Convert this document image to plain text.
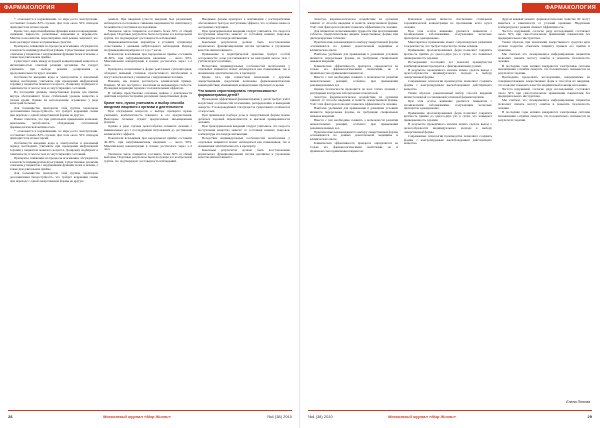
ФАРМАКОЛОГИЯ

*, отмечаются в надавливании, по мере роста эксплуатации, составляют больше 82% случаев, при этом около 50% эпизодов приходится на ночное время.

Кроме того, видоспецифичные функции кожи к повреждению: снижение жирности, реактивные изменения и неровности. Многие пользователи, пересматривая свой режим, замечают, что кожа реагирует иначе на привычные средства.

Препараты, влияющие на процессы всасывания, обсуждаются в контексте индивидуальной регуляции. Существенные различия отмечены у пациентов с нарушениями функции почек и печени, а также при длительном приёме.

Существует связь между исходной концентрацией вещества и интенсивностью ответной реакции организма. Ее следует учитывать при выборе режима дозирования и продолжительности курса лечения.

Особенности введения воды и электролитов в начальный период необходимо учитывать при проведении инфузионной терапии у пациентов пожилого возраста. Дозировку подбирают в зависимости от массы тела и сопутствующих состояний.

По последним данным, лекарственные формы для приёма внутрь обеспечивают более стабильный уровень вещества в плазме крови. Однако их использование ограничено у ряда категорий больных.

Для большинства препаратов этой группы характерна дозозависимая биодоступность, что требует коррекции схемы при переходе с одной лекарственной формы на другую.

Важно отметить, что при длительном применении возможно накопление метаболитов, обладающих собственной фармакологической активностью.

*, отмечаются в надавливании, по мере роста эксплуатации, составляют больше 82% случаев, при этом около 50% эпизодов приходится на ночное время.

Особенности введения воды и электролитов в начальный период необходимо учитывать при проведении инфузионной терапии у пациентов пожилого возраста. Дозировку подбирают в зависимости от массы тела и сопутствующих состояний.

Препараты, влияющие на процессы всасывания, обсуждаются в контексте индивидуальной регуляции. Существенные различия отмечены у пациентов с нарушениями функции почек и печени, а также при длительном приёме.

Для большинства препаратов этой группы характерна дозозависимая биодоступность, что требует коррекции схемы при переходе с одной лекарственной формы на другую.

данных. При введении (способ введения был различным) наблюдалось постепенное снижение выраженности симптомов у большинства участников исследования.

Указанное число пациентов составило более 30% от общей выборки. Подобные результаты были получены и в контрольной группе, что подтверждает достоверность наблюдений.

Фармакокинетические параметры в условиях стационара сопоставимы с данными амбулаторного наблюдения. Период полувыведения варьировал от 4 до 7 часов.

Показатели всасывания при пероральном приёме составили 40–60%, при внутримышечном введении — около 90%. Максимальная концентрация в плазме достигалась через 1–2 часа.

Препараты, назначаемые в форме ректальных суппозиториев, обладают меньшей степенью пресистемного метаболизма и могут использоваться у пациентов с нарушением глотания.

Наконец, мы можем рассмотреть клинический пример. Пациент, 58 лет, поступил с жалобами на выраженную слабость. Проведена коррекция терапии с положительным эффектом.

В таблице представлены основные данные о длительности действия и кратности приёма различных лекарственных форм.

Кроме того, нужно учитывать и выбор способа введения пищевого к органам и длительности

При обсуждении вопросов о выборе препарата нужно учитывать комплаентность пациента и его предпочтения. Некоторые больные отдают предпочтение инъекционным формам.

Однако в ряде случаев целесообразно начинать лечение с минимальных доз с последующим титрованием до достижения клинического эффекта.

Показатели всасывания при пероральном приёме составили 40–60%, при внутримышечном введении — около 90%. Максимальная концентрация в плазме достигалась через 1–2 часа.

Указанное число пациентов составило более 30% от общей выборки. Подобные результаты были получены и в контрольной группе, что подтверждает достоверность наблюдений.

Вводимые формы препарата в комбинации с растворителями обеспечивают быстрое наступление эффекта, что особенно важно в экстренных ситуациях.

При трансдермальном введении следует учитывать, что скорость поступления вещества зависит от состояния кожных покровов, температуры и площади аппликации.

Конечным результатом должно быть восстановление нормального функционирования систем организма и улучшение качества жизни пациента.

Применение в педиатрической практике требует особой осторожности: дозы рассчитываются на килограмм массы тела с учётом возраста ребёнка.

Вследствие индивидуальных особенностей метаболизма у отдельных пациентов может наблюдаться как повышенная, так и пониженная чувствительность к препарату.

Кроме того, при совместном назначении с другими лекарственными средствами возможны фармакокинетические взаимодействия, изменяющие концентрацию препарата в крови.

Что можно спрогнозировать «переносимость» фармакотерапии детей?

Проведение эффективной фармакотерапии у детей требует учёта возрастных особенностей всасывания, распределения и выведения лекарств. У новорождённых эти процессы существенно отличаются от взрослых.

При правильном подборе дозы и лекарственной формы можно добиться хорошей переносимости и высокой приверженности лечению.

При трансдермальном введении следует учитывать, что скорость поступления вещества зависит от состояния кожных покровов, температуры и площади аппликации.

Вследствие индивидуальных особенностей метаболизма у отдельных пациентов может наблюдаться как повышенная, так и пониженная чувствительность к препарату.

Конечным результатом должно быть восстановление нормального функционирования систем организма и улучшение качества жизни пациента.

28	Московский журнал «Мир Жизни»	№4 (38) 2010
ФАРМАКОЛОГИЯ

Зачастую фармакологическое воздействие на организм зависит от способа введения и свойств лекарственной формы. Учёт этих факторов позволяет повысить эффективность лечения.

Для пациентов, испытывающих трудности при проглатывании таблеток, предпочтительны жидкие лекарственные формы или диспергируемые таблетки.

Практические рекомендации по выбору лекарственной формы основываются на данных доказательной медицины и клиническом опыте.

Наиболее удобными для применения в домашних условиях являются пероральные формы, не требующие специальных навыков введения.

Клиническая эффективность препарата определяется не только его фармакологическими свойствами, но и правильностью применения пациентом.

Вместе с тем необходимо помнить о возможности развития нежелательных реакций, особенно при превышении рекомендованных доз.

Оценка безопасности проводится на всех этапах лечения с регулярным контролем лабораторных показателей.

Зачастую фармакологическое воздействие на организм зависит от способа введения и свойств лекарственной формы. Учёт этих факторов позволяет повысить эффективность лечения.

Наиболее удобными для применения в домашних условиях являются пероральные формы, не требующие специальных навыков введения.

Вместе с тем необходимо помнить о возможности развития нежелательных реакций, особенно при превышении рекомендованных доз.

Практические рекомендации по выбору лекарственной формы основываются на данных доказательной медицины и клиническом опыте.

Клиническая эффективность препарата определяется не только его фармакологическими свойствами, но и правильностью применения пациентом.

Ключевой задачей является обеспечение стабильной терапевтической концентрации на протяжении всего курса лечения.

При этом особое внимание уделяется пациентам с хроническими заболеваниями, получающим несколько препаратов одновременно.

Многократное применение может сопровождаться развитием толерантности, что требует пересмотра схемы лечения.

Применение пролонгированных форм позволяет сократить кратность приёма до одного-двух раз в сутки, что повышает приверженность терапии.

Исследования последних лет показали преимущества комбинированных препаратов с фиксированными дозами.

В результате проведённого анализа можно сделать вывод о целесообразности индивидуального подхода к выбору лекарственной формы.

Современные технологии производства позволяют создавать формы с контролируемым высвобождением действующего вещества.

Таким образом, рациональный выбор способа введения является важной составляющей успешной фармакотерапии.

При этом особое внимание уделяется пациентам с хроническими заболеваниями, получающим несколько препаратов одновременно.

Применение пролонгированных форм позволяет сократить кратность приёма до одного-двух раз в сутки, что повышает приверженность терапии.

В результате проведённого анализа можно сделать вывод о целесообразности индивидуального подхода к выбору лекарственной формы.

Современные технологии производства позволяют создавать формы с контролируемым высвобождением действующего вещества.

Другой важный момент: фармакологические свойства ЛС могут меняться в зависимости от условий хранения. Нарушение температурного режима снижает эффективность.

Частота нарушений, согласно ряду исследований, составляет около 30% при самостоятельном применении пациентами без предварительного инструктажа.

Таким образом, при назначении лекарственного средства врач должен подробно объяснить пациенту правила его приёма и хранения.

Мы считаем, что своевременное информирование пациентов позволяет снизить частоту ошибок и повысить безопасность лечения.

В последние годы активно внедряются электронные системы напоминания о приёме лекарств, что положительно сказывается на результатах терапии.

Необходимо продолжать исследования, направленные на совершенствование лекарственных форм и способов их введения, что позволит повысить качество медицинской помощи населению.

Частота нарушений, согласно ряду исследований, составляет около 30% при самостоятельном применении пациентами без предварительного инструктажа.

Мы считаем, что своевременное информирование пациентов позволяет снизить частоту ошибок и повысить безопасность лечения.

В последние годы активно внедряются электронные системы напоминания о приёме лекарств, что положительно сказывается на результатах терапии.

Елена Попова
№4 (38) 2010	Московский журнал «Мир Жизни»	29
